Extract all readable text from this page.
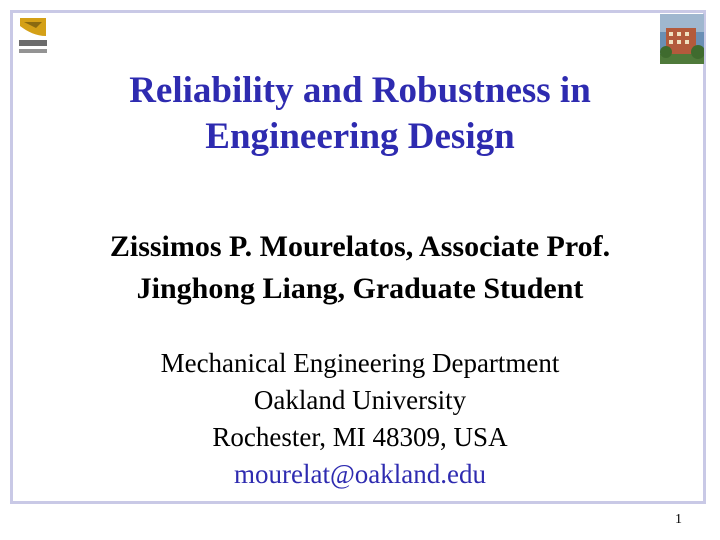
Reliability and Robustness in
Engineering Design
Zissimos P. Mourelatos, Associate Prof.
Jinghong Liang, Graduate Student
Mechanical Engineering Department
Oakland University
Rochester, MI 48309, USA
mourelat@oakland.edu
1
